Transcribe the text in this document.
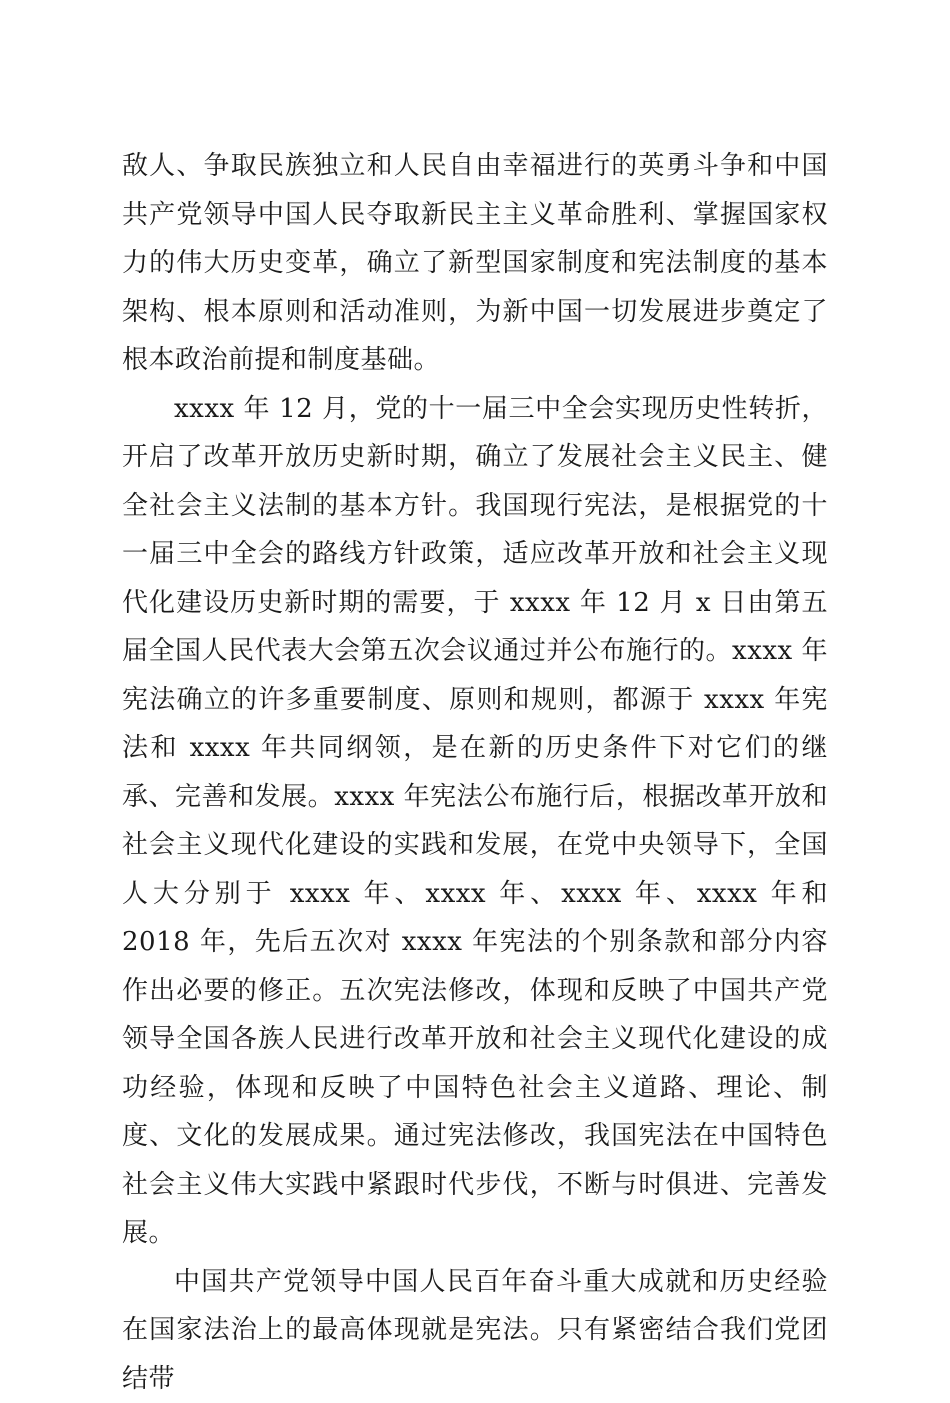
敌人、争取民族独立和人民自由幸福进行的英勇斗争和中国共产党领导中国人民夺取新民主主义革命胜利、掌握国家权力的伟大历史变革，确立了新型国家制度和宪法制度的基本架构、根本原则和活动准则，为新中国一切发展进步奠定了根本政治前提和制度基础。

xxxx 年 12 月，党的十一届三中全会实现历史性转折，开启了改革开放历史新时期，确立了发展社会主义民主、健全社会主义法制的基本方针。我国现行宪法，是根据党的十一届三中全会的路线方针政策，适应改革开放和社会主义现代化建设历史新时期的需要，于 xxxx 年 12 月 x 日由第五届全国人民代表大会第五次会议通过并公布施行的。xxxx 年宪法确立的许多重要制度、原则和规则，都源于 xxxx 年宪法和 xxxx 年共同纲领，是在新的历史条件下对它们的继承、完善和发展。xxxx 年宪法公布施行后，根据改革开放和社会主义现代化建设的实践和发展，在党中央领导下，全国人大分别于 xxxx 年、xxxx 年、xxxx 年、xxxx 年和 2018 年，先后五次对 xxxx 年宪法的个别条款和部分内容作出必要的修正。五次宪法修改，体现和反映了中国共产党领导全国各族人民进行改革开放和社会主义现代化建设的成功经验，体现和反映了中国特色社会主义道路、理论、制度、文化的发展成果。通过宪法修改，我国宪法在中国特色社会主义伟大实践中紧跟时代步伐，不断与时俱进、完善发展。

中国共产党领导中国人民百年奋斗重大成就和历史经验在国家法治上的最高体现就是宪法。只有紧密结合我们党团结带
